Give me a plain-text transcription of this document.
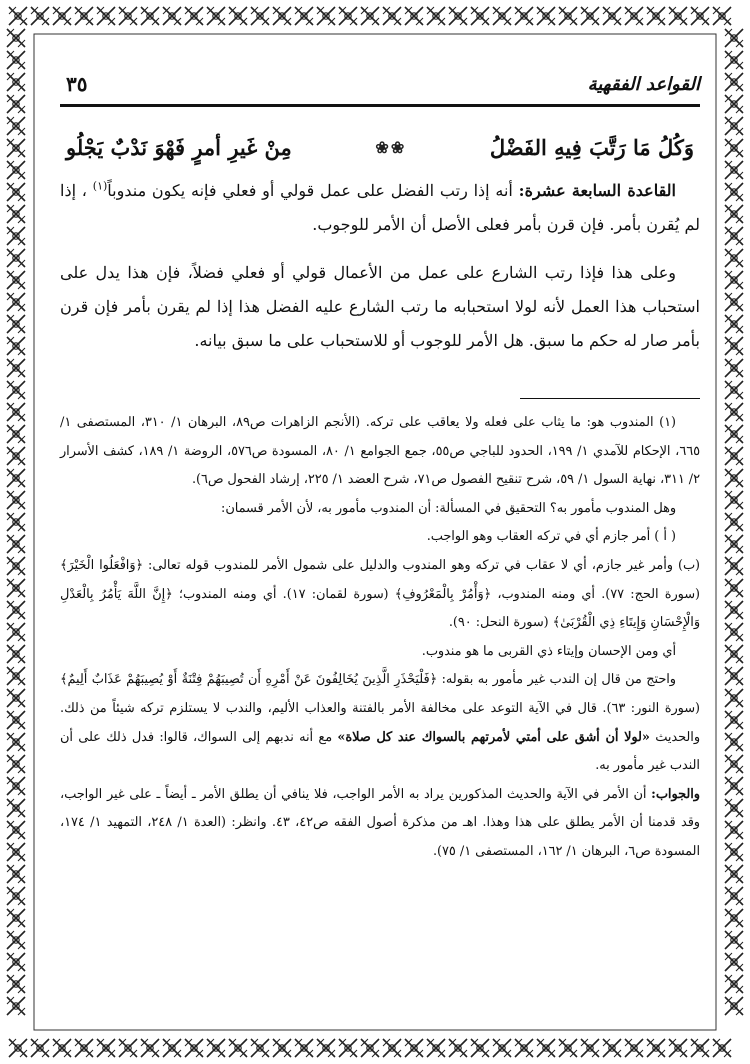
القواعد الفقهية
٣٥
وَكُلُ مَا رَتَّبَ فِيهِ الفَضْلُ
❀❀
مِنْ غَيرِ أمرٍ فَهْوَ نَدْبٌ يَجْلُو

القاعدة السابعة عشرة: أنه إذا رتب الفضل على عمل قولي أو فعلي فإنه يكون مندوباً$^{(١)}$ ، إذا لم يُقرن بأمر. فإن قرن بأمر فعلى الأصل أن الأمر للوجوب.

وعلى هذا فإذا رتب الشارع على عمل من الأعمال قولي أو فعلي فضلاً، فإن هذا يدل على استحباب هذا العمل لأنه لولا استحبابه ما رتب الشارع عليه الفضل هذا إذا لم يقرن بأمر فإن قرن بأمر صار له حكم ما سبق. هل الأمر للوجوب أو للاستحباب على ما سبق بيانه.

(١) المندوب هو: ما يثاب على فعله ولا يعاقب على تركه. (الأنجم الزاهرات ص٨٩، البرهان ١/ ٣١٠، المستصفى ١/ ٦٦٥، الإحكام للآمدي ١/ ١٩٩، الحدود للباجي ص٥٥، جمع الجوامع ١/ ٨٠، المسودة ص٥٧٦، الروضة ١/ ١٨٩، كشف الأسرار ٢/ ٣١١، نهاية السول ١/ ٥٩، شرح تنقيح الفصول ص٧١، شرح العضد ١/ ٢٢٥، إرشاد الفحول ص٦).

وهل المندوب مأمور به؟ التحقيق في المسألة: أن المندوب مأمور به، لأن الأمر قسمان:

( أ ) أمر جازم أي في تركه العقاب وهو الواجب.

(ب) وأمر غير جازم، أي لا عقاب في تركه وهو المندوب والدليل على شمول الأمر للمندوب قوله تعالى: ﴿وَافْعَلُوا الْخَيْرَ﴾ (سورة الحج: ٧٧). أي ومنه المندوب، ﴿وَأْمُرْ بِالْمَعْرُوفِ﴾ (سورة لقمان: ١٧). أي ومنه المندوب؛ ﴿إِنَّ اللَّهَ يَأْمُرُ بِالْعَدْلِ وَالْإِحْسَانِ وَإِيتَاءِ ذِي الْقُرْبَىٰ﴾ (سورة النحل: ٩٠).

أي ومن الإحسان وإيتاء ذي القربى ما هو مندوب.

واحتج من قال إن الندب غير مأمور به بقوله: ﴿فَلْيَحْذَرِ الَّذِينَ يُخَالِفُونَ عَنْ أَمْرِهِ أَن تُصِيبَهُمْ فِتْنَةٌ أَوْ يُصِيبَهُمْ عَذَابٌ أَلِيمٌ﴾ (سورة النور: ٦٣). قال في الآية التوعد على مخالفة الأمر بالفتنة والعذاب الأليم، والندب لا يستلزم تركه شيئاً من ذلك. والحديث «لولا أن أشق على أمتي لأمرتهم بالسواك عند كل صلاة» مع أنه ندبهم إلى السواك، قالوا: فدل ذلك على أن الندب غير مأمور به.

والجواب: أن الأمر في الآية والحديث المذكورين يراد به الأمر الواجب، فلا ينافي أن يطلق الأمر ـ أيضاً ـ على غير الواجب، وقد قدمنا أن الأمر يطلق على هذا وهذا. اهـ من مذكرة أصول الفقه ص٤٢، ٤٣. وانظر: (العدة ١/ ٢٤٨، التمهيد ١/ ١٧٤، المسودة ص٦، البرهان ١/ ١٦٢، المستصفى ١/ ٧٥).
